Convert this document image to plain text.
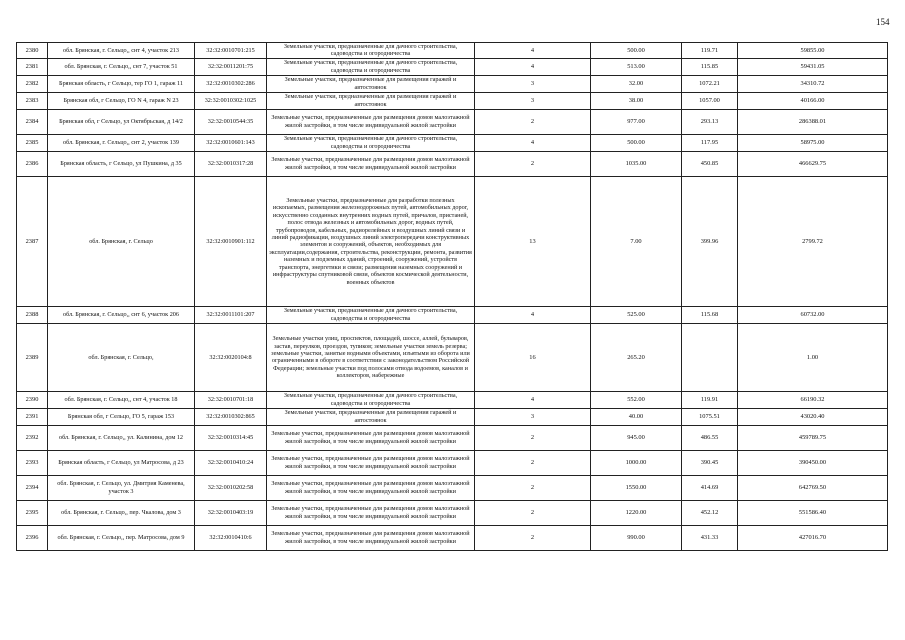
154
2380	обл. Брянская, г. Сельцо,, снт 4, участок 213	32:32:0010701:215	Земельные участки, предназначенные для дачного строительства, садоводства и огородничества	4	500.00	119.71	59855.00
2381	обл. Брянская, г. Сельцо,, снт 7, участок 51	32:32:0011201:75	Земельные участки, предназначенные для дачного строительства, садоводства и огородничества	4	513.00	115.85	59431.05
2382	Брянская область, г Сельцо, тер ГО 1, гараж 11	32:32:0010302:286	Земельные участки, предназначенные для размещения гаражей и автостоянок	3	32.00	1072.21	34310.72
2383	Брянская обл, г Сельцо, ГО N 4, гараж N 23	32:32:0010302:1025	Земельные участки, предназначенные для размещения гаражей и автостоянок	3	38.00	1057.00	40166.00
2384	Брянская обл, г Сельцо, ул Октябрьская, д 14/2	32:32:0010544:35	Земельные участки, предназначенные для размещения домов малоэтажной жилой застройки, в том числе индивидуальной жилой застройки	2	977.00	293.13	286388.01
2385	обл. Брянская, г. Сельцо,, снт 2, участок 139	32:32:0010601:143	Земельные участки, предназначенные для дачного строительства, садоводства и огородничества	4	500.00	117.95	58975.00
2386	Брянская область, г Сельцо, ул Пушкина, д 35	32:32:0010317:28	Земельные участки, предназначенные для размещения домов малоэтажной жилой застройки, в том числе индивидуальной жилой застройки	2	1035.00	450.85	466629.75
2387	обл. Брянская, г. Сельцо	32:32:0010901:112	Земельные участки, предназначенные для разработки полезных ископаемых, размещения железнодорожных путей, автомобильных дорог, искусственно созданных внутренних водных путей, причалов, пристаней, полос отвода железных и автомобильных дорог, водных путей, трубопроводов, кабельных, радиорелейных и воздушных линий связи и линий радиофикации, воздушных линий электропередачи конструктивных элементов и сооружений, объектов, необходимых для эксплуатации,содержания, строительства, реконструкции, ремонта, развития наземных и подземных зданий, строений, сооружений, устройств транспорта, энергетики и связи; размещения наземных сооружений и инфраструктуры спутниковой связи, объектов космической деятельности, военных объектов	13	7.00	399.96	2799.72
2388	обл. Брянская, г. Сельцо,, снт 6, участок 206	32:32:0011101:207	Земельные участки, предназначенные для дачного строительства, садоводства и огородничества	4	525.00	115.68	60732.00
2389	обл. Брянская, г. Сельцо,	32:32:0020104:8	Земельные участки улиц, проспектов, площадей, шоссе, аллей, бульваров, застав, переулков, проездов, тупиков; земельные участки земель резерва; земельные участки, занятые водными объектами, изъятыми из оборота или ограниченными в обороте в соответствии с законодательством Российской Федерации; земельные участки под полосами отвода водоемов, каналов и коллекторов, набережные	16	265.20		1.00
2390	обл. Брянская, г. Сельцо,, снт 4, участок 18	32:32:0010701:18	Земельные участки, предназначенные для дачного строительства, садоводства и огородничества	4	552.00	119.91	66190.32
2391	Брянская обл, г Сельцо, ГО 5, гараж 153	32:32:0010302:865	Земельные участки, предназначенные для размещения гаражей и автостоянок	3	40.00	1075.51	43020.40
2392	обл. Брянская, г. Сельцо,, ул. Калинина, дом 12	32:32:0010314:45	Земельные участки, предназначенные для размещения домов малоэтажной жилой застройки, в том числе индивидуальной жилой застройки	2	945.00	486.55	459789.75
2393	Брянская область, г Сельцо, ул Матросова, д 23	32:32:0010410:24	Земельные участки, предназначенные для размещения домов малоэтажной жилой застройки, в том числе индивидуальной жилой застройки	2	1000.00	390.45	390450.00
2394	обл. Брянская, г. Сельцо, ул. Дмитрия Каменева, участок 3	32:32:0010202:58	Земельные участки, предназначенные для размещения домов малоэтажной жилой застройки, в том числе индивидуальной жилой застройки	2	1550.00	414.69	642769.50
2395	обл. Брянская, г. Сельцо,, пер. Чкалова, дом 3	32:32:0010403:19	Земельные участки, предназначенные для размещения домов малоэтажной жилой застройки, в том числе индивидуальной жилой застройки	2	1220.00	452.12	551586.40
2396	обл. Брянская, г. Сельцо,, пер. Матросова, дом 9	32:32:0010410:6	Земельные участки, предназначенные для размещения домов малоэтажной жилой застройки, в том числе индивидуальной жилой застройки	2	990.00	431.33	427016.70
